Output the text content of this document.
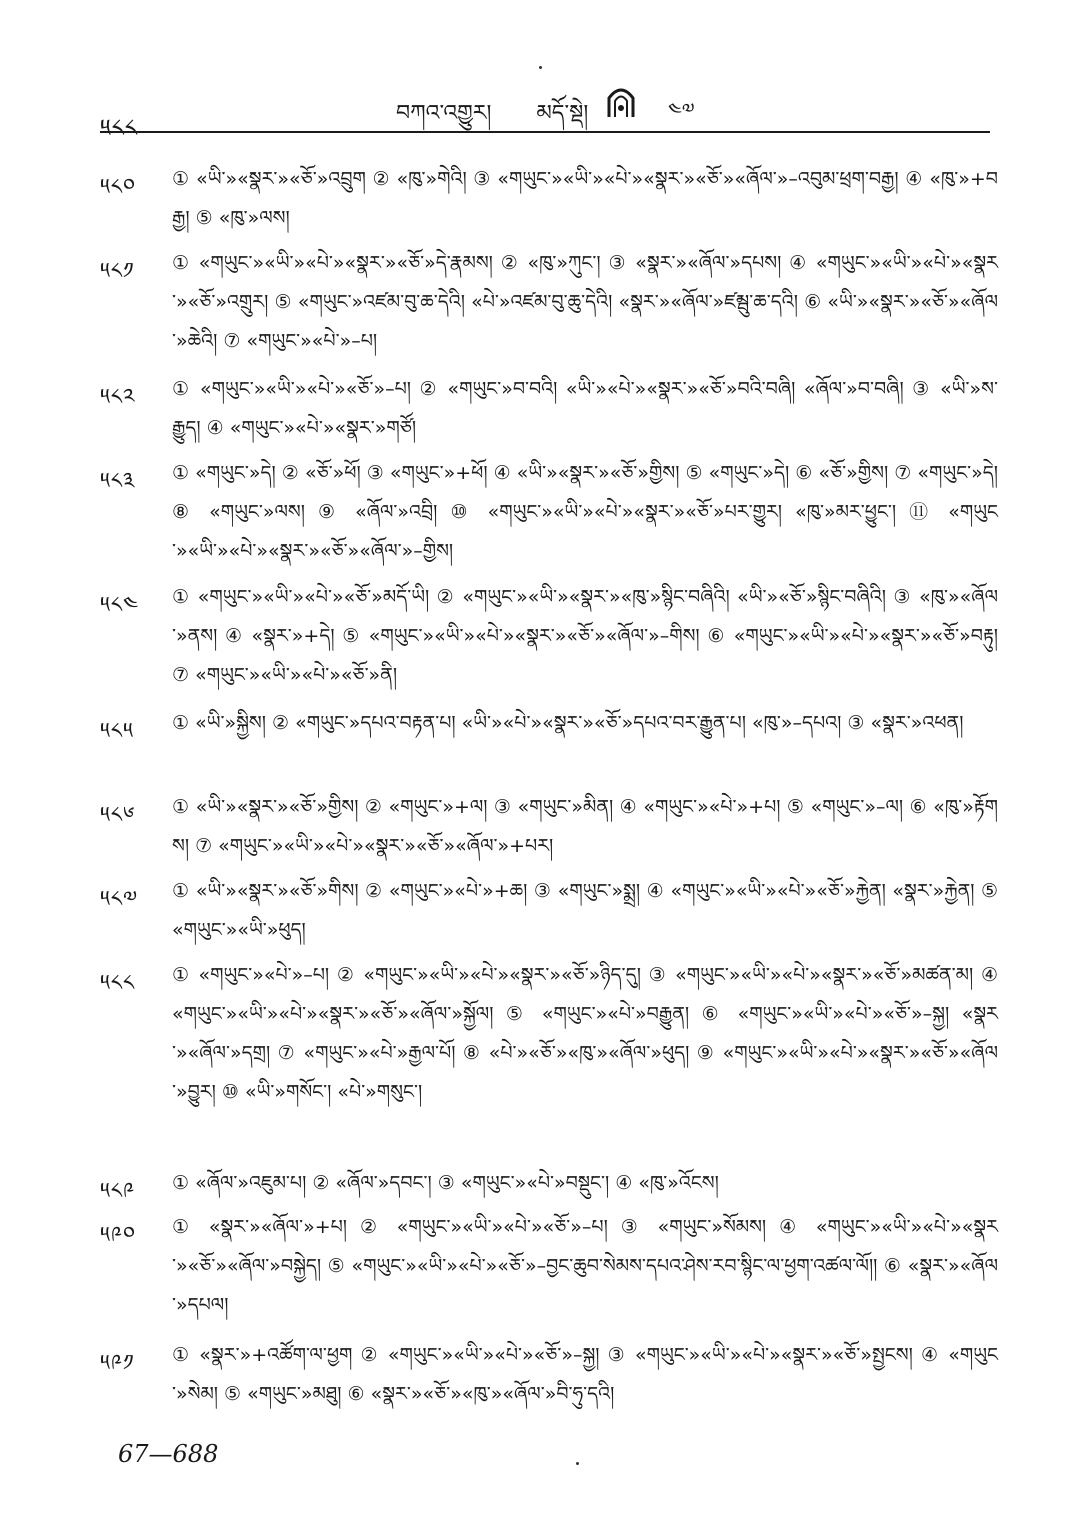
༥༨༨
བཀའ་འགྱུར། མདོ་སྡེ།	༤༧
༥༨༠	① «ཡི་»«སྣར་»«ཅོ་»འབྲུག ② «ཁུ་»གེའི། ③ «གཡུང་»«ཡི་»«པེ་»«སྣར་»«ཅོ་»«ཞོལ་»–འབུམ་ཕྲག་བརྒྱ། ④ «ཁུ་»+བརྒྱ། ⑤ «ཁུ་»ལས།
༥༨༡	① «གཡུང་»«ཡི་»«པེ་»«སྣར་»«ཅོ་»དེ་རྣམས། ② «ཁུ་»ཀུང་། ③ «སྣར་»«ཞོལ་»དཔས། ④ «གཡུང་»«ཡི་»«པེ་»«སྣར་»«ཅོ་»འགྲུར། ⑤ «གཡུང་»འཛམ་བུ་ཆ་དེའི། «པེ་»འཛམ་བུ་ཆུ་དེའི། «སྣར་»«ཞོལ་»ཛམྦུ་ཆ་དའི། ⑥ «ཡི་»«སྣར་»«ཅོ་»«ཞོལ་»ཆེའི། ⑦ «གཡུང་»«པེ་»–པ།
༥༨༢	① «གཡུང་»«ཡི་»«པེ་»«ཅོ་»–པ། ② «གཡུང་»བ་བའི། «ཡི་»«པེ་»«སྣར་»«ཅོ་»བའི་བཞི། «ཞོལ་»བ་བཞི། ③ «ཡི་»ས་རྒྱུད། ④ «གཡུང་»«པེ་»«སྣར་»གཙོ།
༥༨༣	① «གཡུང་»དེ། ② «ཅོ་»ཕོ། ③ «གཡུང་»+ཕོ། ④ «ཡི་»«སྣར་»«ཅོ་»གྱིས། ⑤ «གཡུང་»དེ། ⑥ «ཅོ་»གྱིས། ⑦ «གཡུང་»དེ། ⑧ «གཡུང་»ལས། ⑨ «ཞོལ་»འབྲི། ⑩ «གཡུང་»«ཡི་»«པེ་»«སྣར་»«ཅོ་»པར་གྱུར། «ཁུ་»མར་ཕྱུང་། ⑪ «གཡུང་»«ཡི་»«པེ་»«སྣར་»«ཅོ་»«ཞོལ་»–གྱིས།
༥༨༤	① «གཡུང་»«ཡི་»«པེ་»«ཅོ་»མདོ་ཡི། ② «གཡུང་»«ཡི་»«སྣར་»«ཁུ་»སྙིང་བཞིའི། «ཡི་»«ཅོ་»སྙིང་བཞིའི། ③ «ཁུ་»«ཞོལ་»ནས། ④ «སྣར་»+དེ། ⑤ «གཡུང་»«ཡི་»«པེ་»«སྣར་»«ཅོ་»«ཞོལ་»–གིས། ⑥ «གཡུང་»«ཡི་»«པེ་»«སྣར་»«ཅོ་»བརྟུ། ⑦ «གཡུང་»«ཡི་»«པེ་»«ཅོ་»ནི།
༥༨༥	① «ཡི་»སྐྱིས། ② «གཡུང་»དཔའ་བརྟན་པ། «ཡི་»«པེ་»«སྣར་»«ཅོ་»དཔའ་བར་རྒྱུན་པ། «ཁུ་»–དཔའ། ③ «སྣར་»འཕན།
༥༨༦	① «ཡི་»«སྣར་»«ཅོ་»གྱིས། ② «གཡུང་»+ལ། ③ «གཡུང་»མིན། ④ «གཡུང་»«པེ་»+པ། ⑤ «གཡུང་»–ལ། ⑥ «ཁུ་»རྟོགས། ⑦ «གཡུང་»«ཡི་»«པེ་»«སྣར་»«ཅོ་»«ཞོལ་»+པར།
༥༨༧	① «ཡི་»«སྣར་»«ཅོ་»གིས། ② «གཡུང་»«པེ་»+ཆ། ③ «གཡུང་»སྨྲ། ④ «གཡུང་»«ཡི་»«པེ་»«ཅོ་»རྐྱེན། «སྣར་»རྐྱེན། ⑤ «གཡུང་»«ཡི་»ཕུད།
༥༨༨	① «གཡུང་»«པེ་»–པ། ② «གཡུང་»«ཡི་»«པེ་»«སྣར་»«ཅོ་»ཉིད་དུ། ③ «གཡུང་»«ཡི་»«པེ་»«སྣར་»«ཅོ་»མཚན་མ། ④ «གཡུང་»«ཡི་»«པེ་»«སྣར་»«ཅོ་»«ཞོལ་»སྐྱོལ། ⑤ «གཡུང་»«པེ་»བརྒྱུན། ⑥ «གཡུང་»«ཡི་»«པེ་»«ཅོ་»–སྐྱ། «སྣར་»«ཞོལ་»དགྲ། ⑦ «གཡུང་»«པེ་»རྒྱལ་པོ། ⑧ «པེ་»«ཅོ་»«ཁུ་»«ཞོལ་»ཕུད། ⑨ «གཡུང་»«ཡི་»«པེ་»«སྣར་»«ཅོ་»«ཞོལ་»བྱུར། ⑩ «ཡི་»གསོང་། «པེ་»གསུང་།
༥༨༩	① «ཞོལ་»འཇུམ་པ། ② «ཞོལ་»དབང་། ③ «གཡུང་»«པེ་»བསྡུང་། ④ «ཁུ་»འོངས།
༥༩༠	① «སྣར་»«ཞོལ་»+པ། ② «གཡུང་»«ཡི་»«པེ་»«ཅོ་»–པ། ③ «གཡུང་»སོམས། ④ «གཡུང་»«ཡི་»«པེ་»«སྣར་»«ཅོ་»«ཞོལ་»བསྐྱེད། ⑤ «གཡུང་»«ཡི་»«པེ་»«ཅོ་»–བྱང་ཆུབ་སེམས་དཔའ་ཤེས་རབ་སྙིང་ལ་ཕྱག་འཚལ་ལོ།། ⑥ «སྣར་»«ཞོལ་»དཔལ།
༥༩༡	① «སྣར་»+འཚོག་ལ་ཕྱག ② «གཡུང་»«ཡི་»«པེ་»«ཅོ་»–སྐྱ། ③ «གཡུང་»«ཡི་»«པེ་»«སྣར་»«ཅོ་»སྤྱངས། ④ «གཡུང་»སེམ། ⑤ «གཡུང་»མཐུ། ⑥ «སྣར་»«ཅོ་»«ཁུ་»«ཞོལ་»བི་ཧུ་དའི།
67—688
